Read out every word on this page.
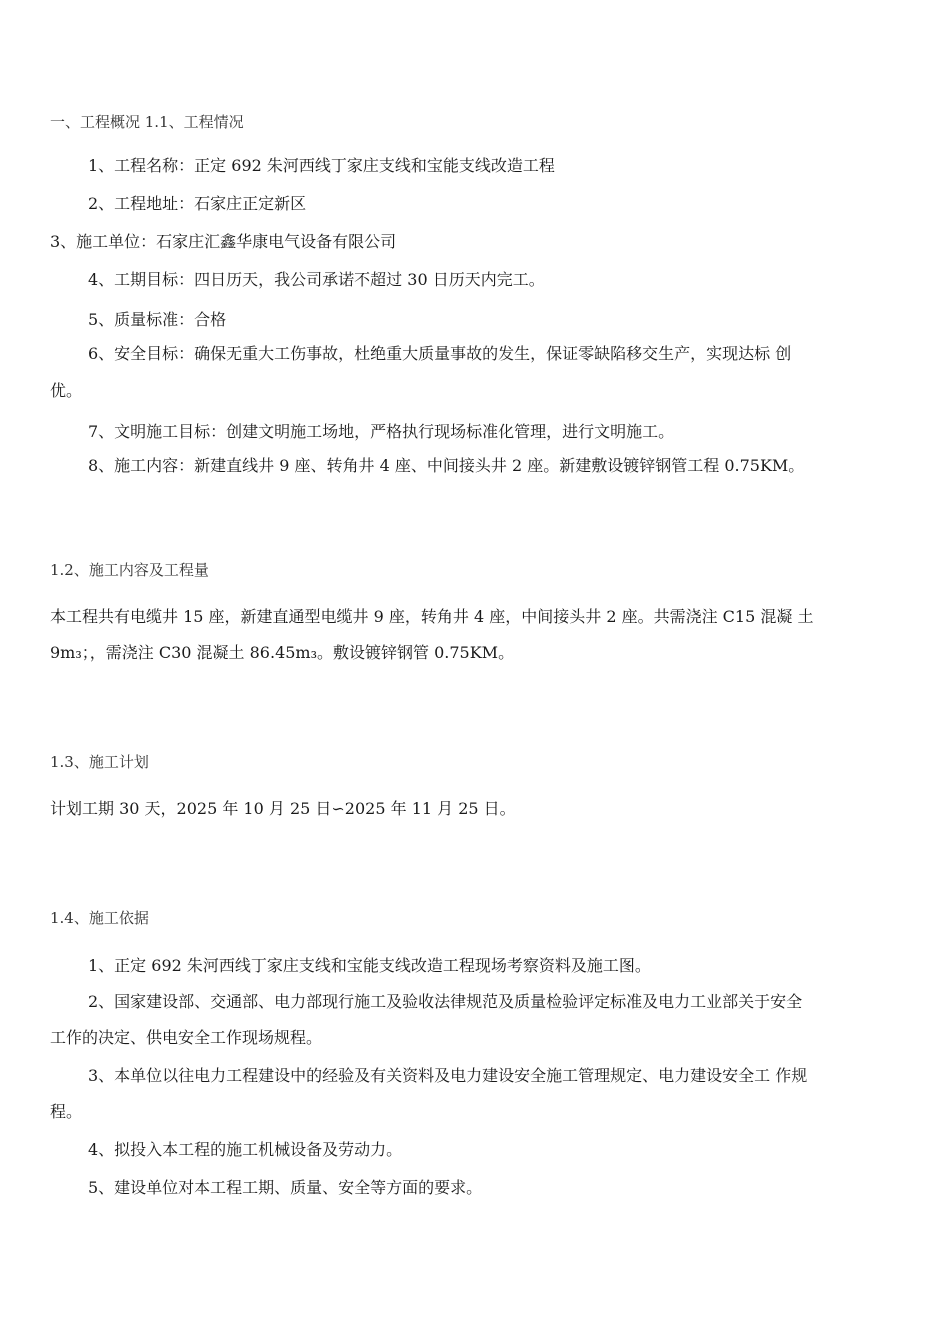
一、工程概况 1.1、工程情况
1、工程名称：正定 692 朱河西线丁家庄支线和宝能支线改造工程
2、工程地址：石家庄正定新区
3、施工单位：石家庄汇鑫华康电气设备有限公司
4、工期目标：四日历天，我公司承诺不超过 30 日历天内完工。
5、质量标准：合格
6、安全目标：确保无重大工伤事故，杜绝重大质量事故的发生，保证零缺陷移交生产，实现达标 创
优。
7、文明施工目标：创建文明施工场地，严格执行现场标准化管理，进行文明施工。
8、施工内容：新建直线井 9 座、转角井 4 座、中间接头井 2 座。新建敷设镀锌钢管工程 0.75KM。
1.2、施工内容及工程量
本工程共有电缆井 15 座，新建直通型电缆井 9 座，转角井 4 座，中间接头井 2 座。共需浇注 C15 混凝 土
9m₃；，需浇注 C30 混凝土 86.45m₃。敷设镀锌钢管 0.75KM。
1.3、施工计划
计划工期 30 天，2025 年 10 月 25 日∽2025 年 11 月 25 日。
1.4、施工依据
1、正定 692 朱河西线丁家庄支线和宝能支线改造工程现场考察资料及施工图。
2、国家建设部、交通部、电力部现行施工及验收法律规范及质量检验评定标准及电力工业部关于安全
工作的决定、供电安全工作现场规程。
3、本单位以往电力工程建设中的经验及有关资料及电力建设安全施工管理规定、电力建设安全工 作规
程。
4、拟投入本工程的施工机械设备及劳动力。
5、建设单位对本工程工期、质量、安全等方面的要求。
